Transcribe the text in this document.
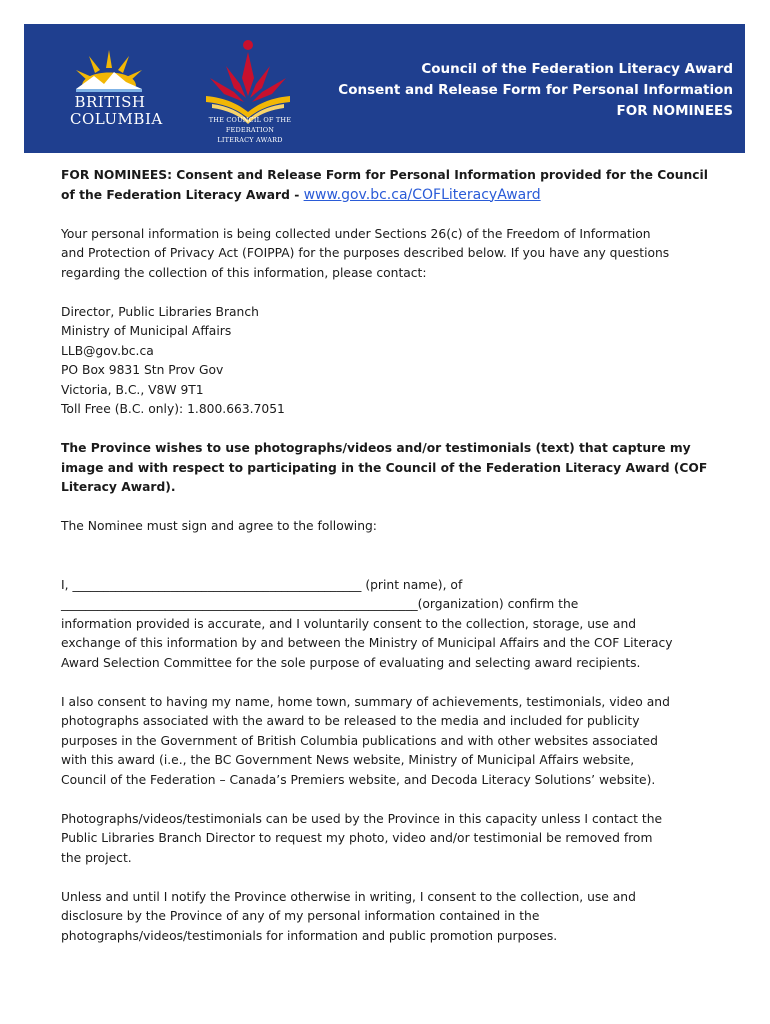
BRITISH
COLUMBIA	THE COUNCIL OF THE FEDERATION
LITERACY AWARD
Council of the Federation Literacy Award
Consent and Release Form for Personal Information
FOR NOMINEES

FOR NOMINEES: Consent and Release Form for Personal Information provided for the Council
of the Federation Literacy Award - www.gov.bc.ca/COFLiteracyAward

Your personal information is being collected under Sections 26(c) of the Freedom of Information
and Protection of Privacy Act (FOIPPA) for the purposes described below. If you have any questions
regarding the collection of this information, please contact:

Director, Public Libraries Branch
Ministry of Municipal Affairs
LLB@gov.bc.ca
PO Box 9831 Stn Prov Gov
Victoria, B.C., V8W 9T1
Toll Free (B.C. only): 1.800.663.7051

The Province wishes to use photographs/videos and/or testimonials (text) that capture my
image and with respect to participating in the Council of the Federation Literacy Award (COF
Literacy Award).

The Nominee must sign and agree to the following:

I, _______________________________________________ (print name), of
__________________________________________________________(organization) confirm the
information provided is accurate, and I voluntarily consent to the collection, storage, use and
exchange of this information by and between the Ministry of Municipal Affairs and the COF Literacy
Award Selection Committee for the sole purpose of evaluating and selecting award recipients.

I also consent to having my name, home town, summary of achievements, testimonials, video and
photographs associated with the award to be released to the media and included for publicity
purposes in the Government of British Columbia publications and with other websites associated
with this award (i.e., the BC Government News website, Ministry of Municipal Affairs website,
Council of the Federation – Canada’s Premiers website, and Decoda Literacy Solutions’ website).

Photographs/videos/testimonials can be used by the Province in this capacity unless I contact the
Public Libraries Branch Director to request my photo, video and/or testimonial be removed from
the project.

Unless and until I notify the Province otherwise in writing, I consent to the collection, use and
disclosure by the Province of any of my personal information contained in the
photographs/videos/testimonials for information and public promotion purposes.
